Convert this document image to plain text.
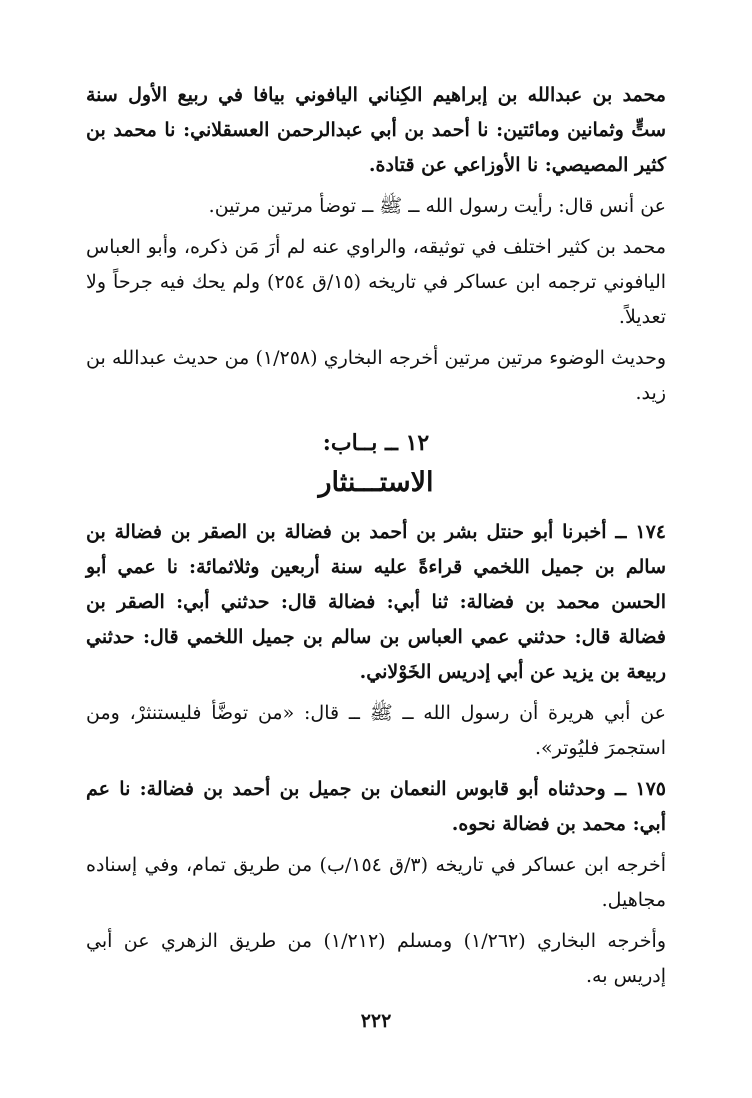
محمد بن عبدالله بن إبراهيم الكِناني اليافوني بيافا في ربيع الأول سنة ستٍّ وثمانين ومائتين: نا أحمد بن أبي عبدالرحمن العسقلاني: نا محمد بن كثير المصيصي: نا الأوزاعي عن قتادة.

عن أنس قال: رأيت رسول الله ــ ﷺ ــ توضأ مرتين مرتين.

محمد بن كثير اختلف في توثيقه، والراوي عنه لم أرَ مَن ذكره، وأبو العباس اليافوني ترجمه ابن عساكر في تاريخه (١٥/ق ٢٥٤) ولم يحك فيه جرحاً ولا تعديلاً.

وحديث الوضوء مرتين مرتين أخرجه البخاري (١/٢٥٨) من حديث عبدالله بن زيد.

١٢ ــ بــاب:
الاستـــنثار

١٧٤ ــ أخبرنا أبو حنتل بشر بن أحمد بن فضالة بن الصقر بن فضالة بن سالم بن جميل اللخمي قراءةً عليه سنة أربعين وثلاثمائة: نا عمي أبو الحسن محمد بن فضالة: ثنا أبي: فضالة قال: حدثني أبي: الصقر بن فضالة قال: حدثني عمي العباس بن سالم بن جميل اللخمي قال: حدثني ربيعة بن يزيد عن أبي إدريس الخَوْلاني.

عن أبي هريرة أن رسول الله ــ ﷺ ــ قال: «من توضَّأ فليستنثرْ، ومن استجمرَ فليُوتر».

١٧٥ ــ وحدثناه أبو قابوس النعمان بن جميل بن أحمد بن فضالة: نا عم أبي: محمد بن فضالة نحوه.

أخرجه ابن عساكر في تاريخه (٣/ق ١٥٤/ب) من طريق تمام، وفي إسناده مجاهيل.

وأخرجه البخاري (١/٢٦٢) ومسلم (١/٢١٢) من طريق الزهري عن أبي إدريس به.

٢٢٢
